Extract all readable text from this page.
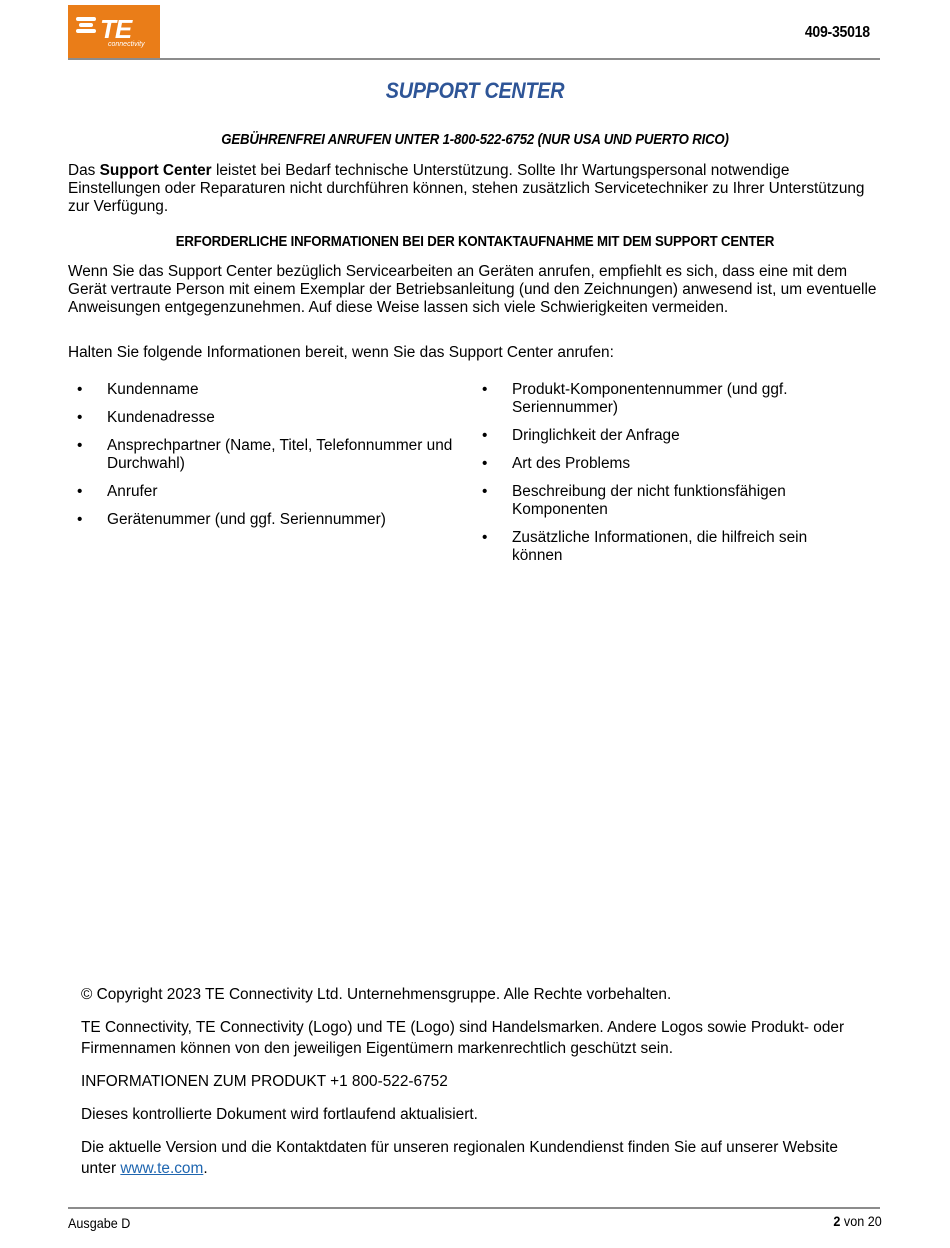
TE
connectivity
409-35018
SUPPORT CENTER
GEBÜHRENFREI ANRUFEN UNTER 1-800-522-6752 (NUR USA UND PUERTO RICO)
Das Support Center leistet bei Bedarf technische Unterstützung. Sollte Ihr Wartungspersonal notwendige Einstellungen oder Reparaturen nicht durchführen können, stehen zusätzlich Servicetechniker zu Ihrer Unterstützung zur Verfügung.
ERFORDERLICHE INFORMATIONEN BEI DER KONTAKTAUFNAHME MIT DEM SUPPORT CENTER
Wenn Sie das Support Center bezüglich Servicearbeiten an Geräten anrufen, empfiehlt es sich, dass eine mit dem Gerät vertraute Person mit einem Exemplar der Betriebsanleitung (und den Zeichnungen) anwesend ist, um eventuelle Anweisungen entgegenzunehmen. Auf diese Weise lassen sich viele Schwierigkeiten vermeiden.
Halten Sie folgende Informationen bereit, wenn Sie das Support Center anrufen:
• Kundenname
• Kundenadresse
• Ansprechpartner (Name, Titel, Telefonnummer und Durchwahl)
• Anrufer
• Gerätenummer (und ggf. Seriennummer)
• Produkt-Komponentennummer (und ggf. Seriennummer)
• Dringlichkeit der Anfrage
• Art des Problems
• Beschreibung der nicht funktionsfähigen Komponenten
• Zusätzliche Informationen, die hilfreich sein können

© Copyright 2023 TE Connectivity Ltd. Unternehmensgruppe. Alle Rechte vorbehalten.

TE Connectivity, TE Connectivity (Logo) und TE (Logo) sind Handelsmarken. Andere Logos sowie Produkt- oder Firmennamen können von den jeweiligen Eigentümern markenrechtlich geschützt sein.

INFORMATIONEN ZUM PRODUKT +1 800-522-6752

Dieses kontrollierte Dokument wird fortlaufend aktualisiert.

Die aktuelle Version und die Kontaktdaten für unseren regionalen Kundendienst finden Sie auf unserer Website unter www.te.com.

Ausgabe D	2 von 20
